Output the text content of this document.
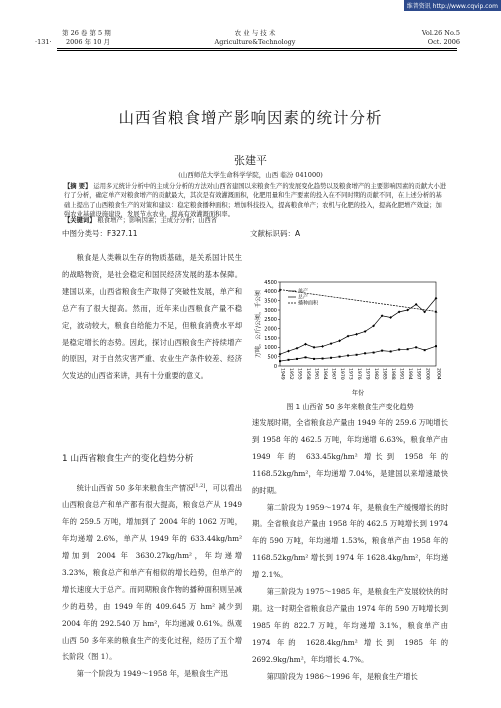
维普资讯 http://www.cqvip.com
第 26 卷 第 5 期
·131· 2006 年 10 月
农 业 与 技 术
Agriculture&Technology
Vol.26 No.5
Oct. 2006
山西省粮食增产影响因素的统计分析
张建平
(山西师范大学生命科学学院，山西 临汾 041000)
【摘 要】 运用多元统计分析中的主成分分析的方法对山西省建国以来粮食生产的发展变化趋势以及粮食增产的主要影响因素的贡献大小进行了分析，确定单产对粮食增产的贡献最大，其次是有效灌溉面积，化肥用量和生产要素的投入在不同时期的贡献不同，在上述分析的基础上提出了山西粮食生产的对策和建议：稳定粮食播种面积；增加科技投入，提高粮食单产；农机与化肥的投入，提高化肥增产效益；加强农业基础设施建设，发展节水农业，提高有效灌溉面积率。
【关键词】 粮食增产；影响因素；主成分分析；山西省
中图分类号：F327.11	文献标识码：A

粮食是人类赖以生存的物质基础，是关系国计民生的战略物资，是社会稳定和国民经济发展的基本保障。建国以来，山西省粮食生产取得了突破性发展，单产和总产有了很大提高。然而，近年来山西粮食产量不稳定，波动较大，粮食自给能力不足，但粮食消费水平却是稳定增长的态势。因此，探讨山西粮食生产持续增产的原因，对于自然灾害严重、农业生产条件较差、经济欠发达的山西省来讲，具有十分重要的意义。

1 山西省粮食生产的变化趋势分析

统计山西省 50 多年来粮食生产情况[1,2]，可以看出山西粮食总产和单产都有很大提高，粮食总产从 1949 年的 259.5 万吨，增加到了 2004 年的 1062 万吨，年均递增 2.6%，单产从 1949 年的 633.44kg/hm² 增加到 2004 年 3630.27kg/hm²，年均递增 3.23%，粮食总产和单产有相似的增长趋势，但单产的增长速度大于总产。而同期粮食作物的播种面积则呈减少的趋势，由 1949 年的 409.645 万 hm² 减少到 2004 年的 292.540 万 hm²，年均递减 0.61%。纵观山西 50 多年来的粮食生产的变化过程，经历了五个增长阶段（图 1）。

第一个阶段为 1949～1958 年，是粮食生产迅

0
500
1000
1500
2000
2500
3000
3500
4000
4500
1949 1952 1955 1958 1961 1964 1967 1970 1973 1976 1979 1982 1985 1988 1991 1994 1997 2000 2004
年份
万吨，公斤/公顷，千公顷	单产
总产
播种面积
图 1 山西省 50 多年来粮食生产变化趋势

速发展时期，全省粮食总产量由 1949 年的 259.6 万吨增长到 1958 年的 462.5 万吨，年均递增 6.63%，粮食单产由 1949 年的 633.45kg/hm² 增长到 1958 年的 1168.52kg/hm²，年均递增 7.04%，是建国以来增速最快的时期。

第二阶段为 1959～1974 年，是粮食生产缓慢增长的时期。全省粮食总产量由 1958 年的 462.5 万吨增长到 1974 年的 590 万吨，年均递增 1.53%，粮食单产由 1958 年的 1168.52kg/hm² 增长到 1974 年 1628.4kg/hm²，年均递增 2.1%。

第三阶段为 1975～1985 年，是粮食生产发展较快的时期。这一时期全省粮食总产量由 1974 年的 590 万吨增长到 1985 年的 822.7 万吨，年均递增 3.1%，粮食单产由 1974 年的 1628.4kg/hm² 增长到 1985 年的 2692.9kg/hm²，年均增长 4.7%。

第四阶段为 1986～1996 年，是粮食生产增长
